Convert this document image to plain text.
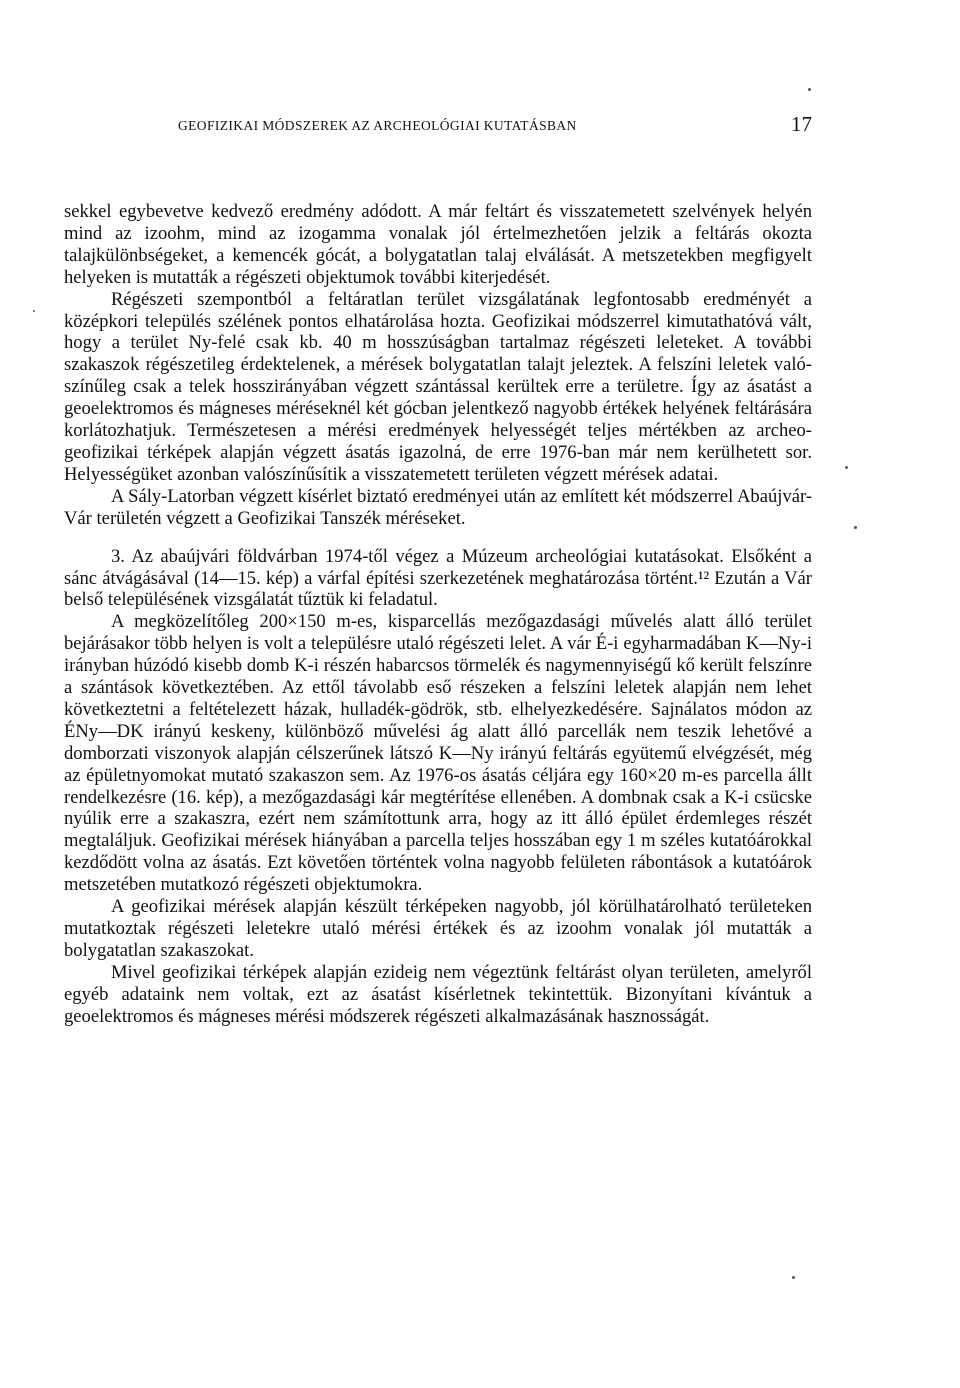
GEOFIZIKAI MÓDSZEREK AZ ARCHEOLÓGIAI KUTATÁSBAN	17

sekkel egybevetve kedvező eredmény adódott. A már feltárt és visszatemetett szelvények helyén mind az izoohm, mind az izogamma vonalak jól értelmezhetően jelzik a feltárás okozta talajkülönbségeket, a kemencék gócát, a bolygatatlan talaj elválását. A metszetekben megfigyelt helyeken is mutatták a régészeti objektumok további kiterjedését.

Régészeti szempontból a feltáratlan terület vizsgálatának legfontosabb eredményét a középkori település szélének pontos elhatárolása hozta. Geofizikai módszerrel kimutathatóvá vált, hogy a terület Ny-felé csak kb. 40 m hosszúságban tartalmaz régészeti leleteket. A további szakaszok régészetileg érdektelenek, a mérések bolygatatlan talajt jeleztek. A felszíni leletek valószínűleg csak a telek hosszirányában végzett szántással kerültek erre a területre. Így az ásatást a geoelektromos és mágneses méréseknél két gócban jelentkező nagyobb értékek helyének feltárására korlátozhatjuk. Természetesen a mérési eredmények helyességét teljes mértékben az archeo-geofizikai térképek alapján végzett ásatás igazolná, de erre 1976-ban már nem kerülhetett sor. Helyességüket azonban valószínűsítik a visszatemetett területen végzett mérések adatai.

A Sály-Latorban végzett kísérlet biztató eredményei után az említett két módszerrel Abaújvár-Vár területén végzett a Geofizikai Tanszék méréseket.

3. Az abaújvári földvárban 1974-től végez a Múzeum archeológiai kutatásokat. Elsőként a sánc átvágásával (14—15. kép) a várfal építési szerkezetének meghatározása történt.¹² Ezután a Vár belső településének vizsgálatát tűztük ki feladatul.

A megközelítőleg 200×150 m-es, kisparcellás mezőgazdasági művelés alatt álló terület bejárásakor több helyen is volt a településre utaló régészeti lelet. A vár É-i egyharmadában K—Ny-i irányban húzódó kisebb domb K-i részén habarcsos törmelék és nagymennyiségű kő került felszínre a szántások következtében. Az ettől távolabb eső részeken a felszíni leletek alapján nem lehet következtetni a feltételezett házak, hulladék-gödrök, stb. elhelyezkedésére. Sajnálatos módon az ÉNy—DK irányú keskeny, különböző művelési ág alatt álló parcellák nem teszik lehetővé a domborzati viszonyok alapján célszerűnek látszó K—Ny irányú feltárás együtemű elvégzését, még az épületnyomokat mutató szakaszon sem. Az 1976-os ásatás céljára egy 160×20 m-es parcella állt rendelkezésre (16. kép), a mezőgazdasági kár megtérítése ellenében. A dombnak csak a K-i csücske nyúlik erre a szakaszra, ezért nem számítottunk arra, hogy az itt álló épület érdemleges részét megtaláljuk. Geofizikai mérések hiányában a parcella teljes hosszában egy 1 m széles kutatóárokkal kezdődött volna az ásatás. Ezt követően történtek volna nagyobb felületen rábontások a kutatóárok metszetében mutatkozó régészeti objektumokra.

A geofizikai mérések alapján készült térképeken nagyobb, jól körülhatárolható területeken mutatkoztak régészeti leletekre utaló mérési értékek és az izoohm vonalak jól mutatták a bolygatatlan szakaszokat.

Mivel geofizikai térképek alapján ezideig nem végeztünk feltárást olyan területen, amelyről egyéb adataink nem voltak, ezt az ásatást kísérletnek tekintettük. Bizonyítani kívántuk a geoelektromos és mágneses mérési módszerek régészeti alkalmazásának hasznosságát.
